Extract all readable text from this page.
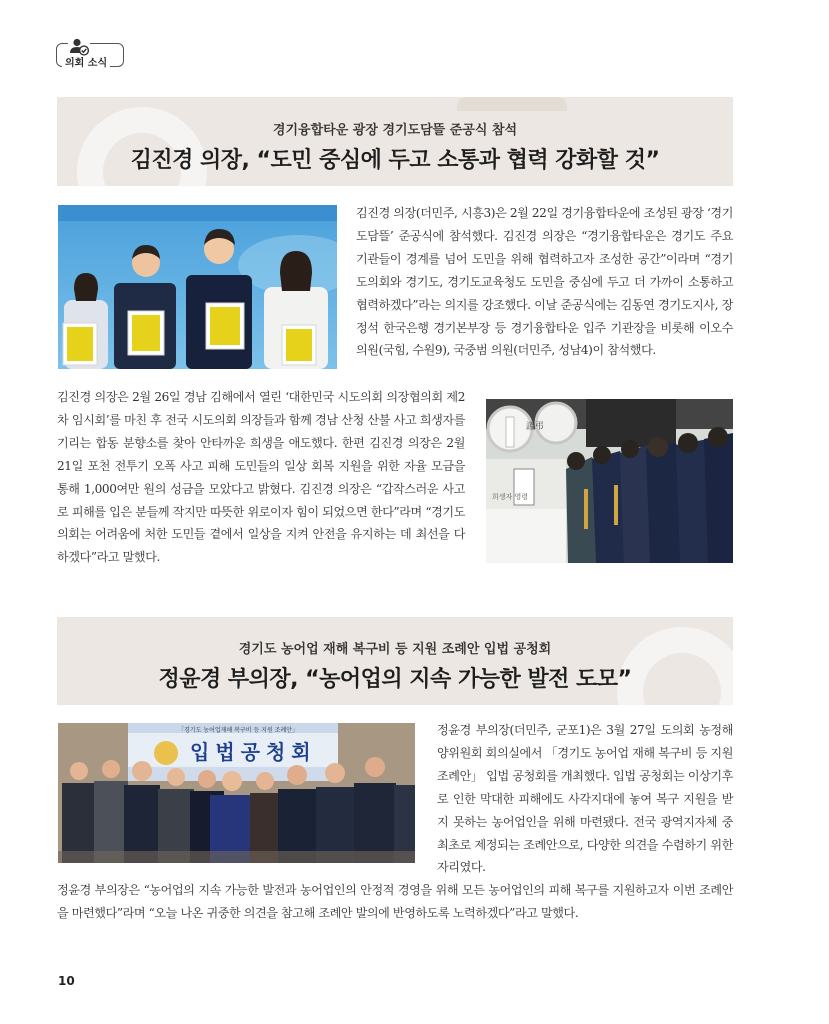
의회 소식
경기융합타운 광장 경기도담뜰 준공식 참석
김진경 의장, “도민 중심에 두고 소통과 협력 강화할 것”
김진경 의장(더민주, 시흥3)은 2월 22일 경기융합타운에 조성된 광장 ‘경기도담뜰’ 준공식에 참석했다. 김진경 의장은 “경기융합타운은 경기도 주요 기관들이 경계를 넘어 도민을 위해 협력하고자 조성한 공간”이라며 “경기도의회와 경기도, 경기도교육청도 도민을 중심에 두고 더 가까이 소통하고 협력하겠다”라는 의지를 강조했다. 이날 준공식에는 김동연 경기도지사, 장정석 한국은행 경기본부장 등 경기융합타운 입주 기관장을 비롯해 이오수 의원(국힘, 수원9), 국중범 의원(더민주, 성남4)이 참석했다.
謹弔
희생자 영령
김진경 의장은 2월 26일 경남 김해에서 열린 ‘대한민국 시도의회 의장협의회 제2차 임시회’를 마친 후 전국 시도의회 의장들과 함께 경남 산청 산불 사고 희생자를 기리는 합동 분향소를 찾아 안타까운 희생을 애도했다. 한편 김진경 의장은 2월 21일 포천 전투기 오폭 사고 피해 도민들의 일상 회복 지원을 위한 자율 모금을 통해 1,000여만 원의 성금을 모았다고 밝혔다. 김진경 의장은 “갑작스러운 사고로 피해를 입은 분들께 작지만 따뜻한 위로이자 힘이 되었으면 한다”라며 “경기도의회는 어려움에 처한 도민들 곁에서 일상을 지켜 안전을 유지하는 데 최선을 다하겠다”라고 말했다.
경기도 농어업 재해 복구비 등 지원 조례안 입법 공청회
정윤경 부의장, “농어업의 지속 가능한 발전 도모”
「경기도 농어업재해 복구비 등 지원 조례안」
입법공청회
정윤경 부의장(더민주, 군포1)은 3월 27일 도의회 농정해양위원회 회의실에서 「경기도 농어업 재해 복구비 등 지원 조례안」 입법 공청회를 개최했다. 입법 공청회는 이상기후로 인한 막대한 피해에도 사각지대에 놓여 복구 지원을 받지 못하는 농어업인을 위해 마련됐다. 전국 광역지자체 중 최초로 제정되는 조례안으로, 다양한 의견을 수렴하기 위한 자리였다.
정윤경 부의장은 “농어업의 지속 가능한 발전과 농어업인의 안정적 경영을 위해 모든 농어업인의 피해 복구를 지원하고자 이번 조례안을 마련했다”라며 “오늘 나온 귀중한 의견을 참고해 조례안 발의에 반영하도록 노력하겠다”라고 말했다.
10
